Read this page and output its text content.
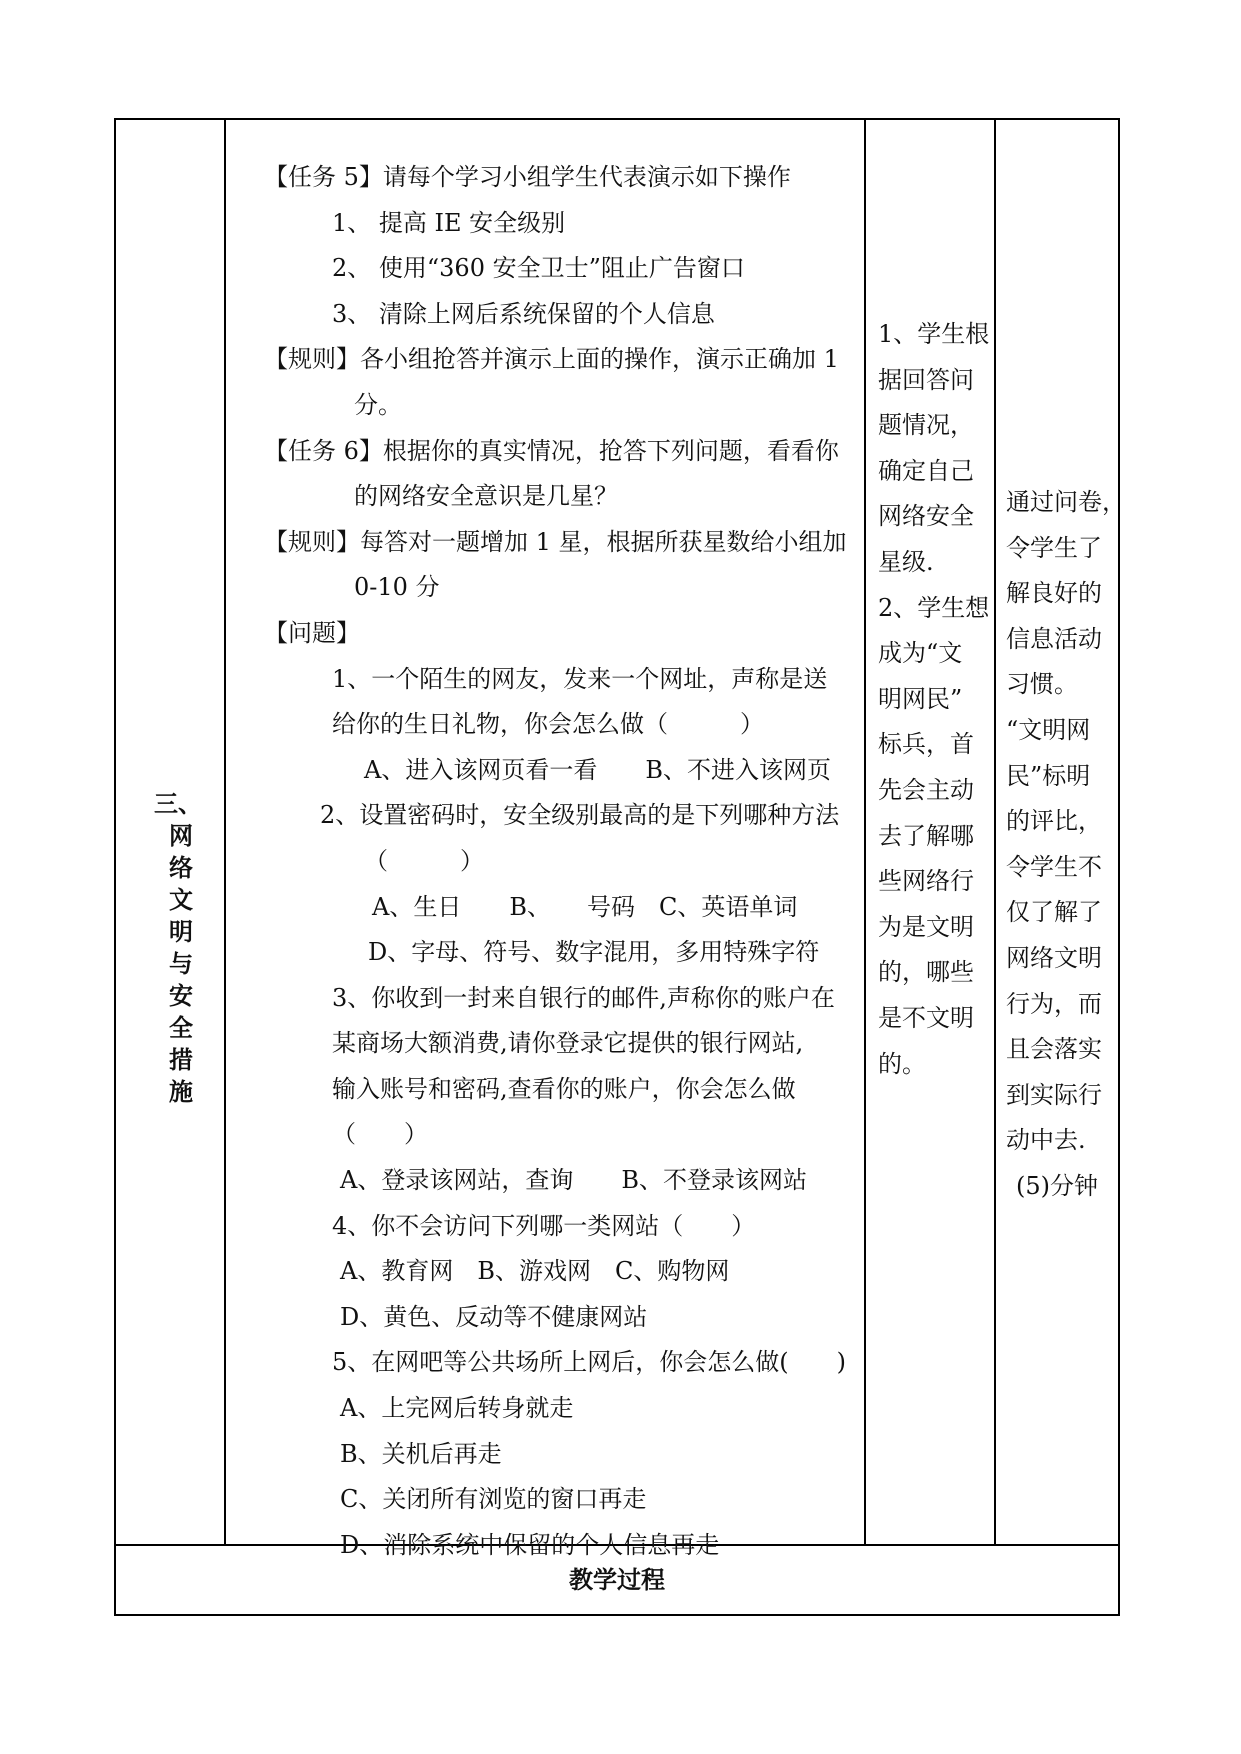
三、
网
络
文
明
与
安
全
措
施
【任务 5】请每个学习小组学生代表演示如下操作
1、 提高 IE 安全级别
2、 使用“360 安全卫士”阻止广告窗口
3、 清除上网后系统保留的个人信息
【规则】各小组抢答并演示上面的操作，演示正确加 1
分。
【任务 6】根据你的真实情况，抢答下列问题，看看你
的网络安全意识是几星？
【规则】每答对一题增加 1 星，根据所获星数给小组加
0-10 分
【问题】
1、一个陌生的网友，发来一个网址，声称是送
给你的生日礼物，你会怎么做（　　　）
A、进入该网页看一看　　B、不进入该网页
2、设置密码时，安全级别最高的是下列哪种方法
（　　　）
A、生日　　B、　　号码　C、英语单词
D、字母、符号、数字混用，多用特殊字符
3、你收到一封来自银行的邮件,声称你的账户在
某商场大额消费,请你登录它提供的银行网站,
输入账号和密码,查看你的账户，你会怎么做
（　　）
A、登录该网站，查询　　B、不登录该网站
4、你不会访问下列哪一类网站（　　）
A、教育网　B、游戏网　C、购物网
D、黄色、反动等不健康网站
5、在网吧等公共场所上网后，你会怎么做(　　)
A、上完网后转身就走
B、关机后再走
C、关闭所有浏览的窗口再走
D、消除系统中保留的个人信息再走
1、学生根
据回答问
题情况，
确定自己
网络安全
星级.
2、学生想
成为“文
明网民”
标兵，首
先会主动
去了解哪
些网络行
为是文明
的，哪些
是不文明
的。
通过问卷，
令学生了
解良好的
信息活动
习惯。
“文明网
民”标明
的评比，
令学生不
仅了解了
网络文明
行为，而
且会落实
到实际行
动中去.
(5)分钟
教学过程
